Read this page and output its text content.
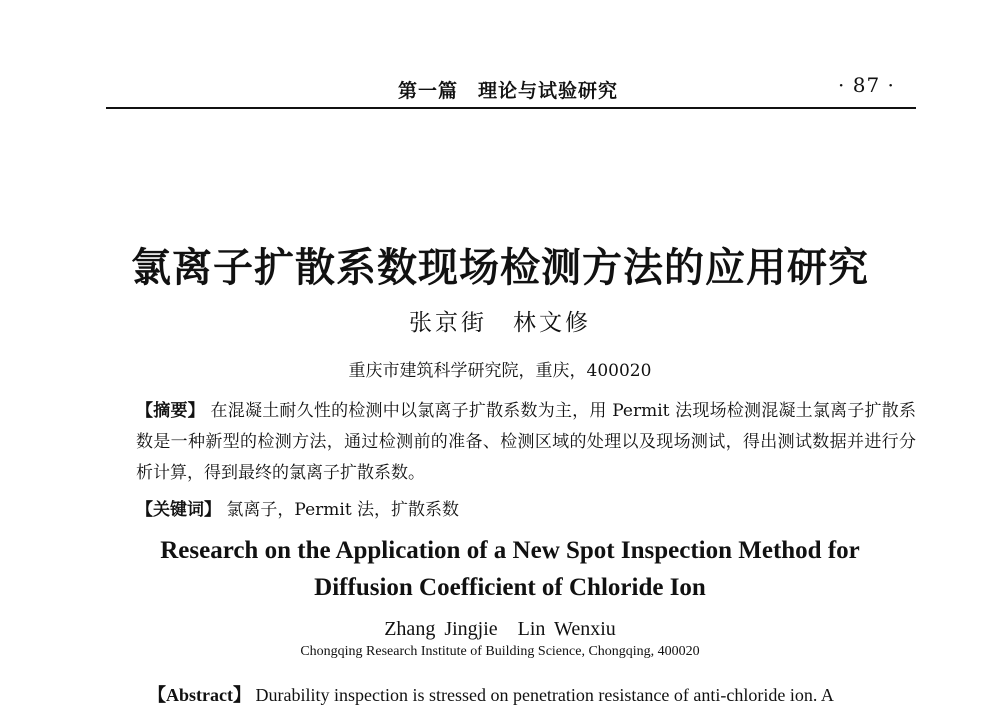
第一篇　理论与试验研究	· 87 ·
氯离子扩散系数现场检测方法的应用研究
张京街　林文修
重庆市建筑科学研究院，重庆，400020
【摘要】 在混凝土耐久性的检测中以氯离子扩散系数为主，用 Permit 法现场检测混凝土氯离子扩散系数是一种新型的检测方法，通过检测前的准备、检测区域的处理以及现场测试，得出测试数据并进行分析计算，得到最终的氯离子扩散系数。
【关键词】 氯离子，Permit 法，扩散系数
Research on the Application of a New Spot Inspection Method for
Diffusion Coefficient of Chloride Ion
Zhang Jingjie　Lin Wenxiu
Chongqing Research Institute of Building Science, Chongqing, 400020
【Abstract】 Durability inspection is stressed on penetration resistance of anti-chloride ion. A
